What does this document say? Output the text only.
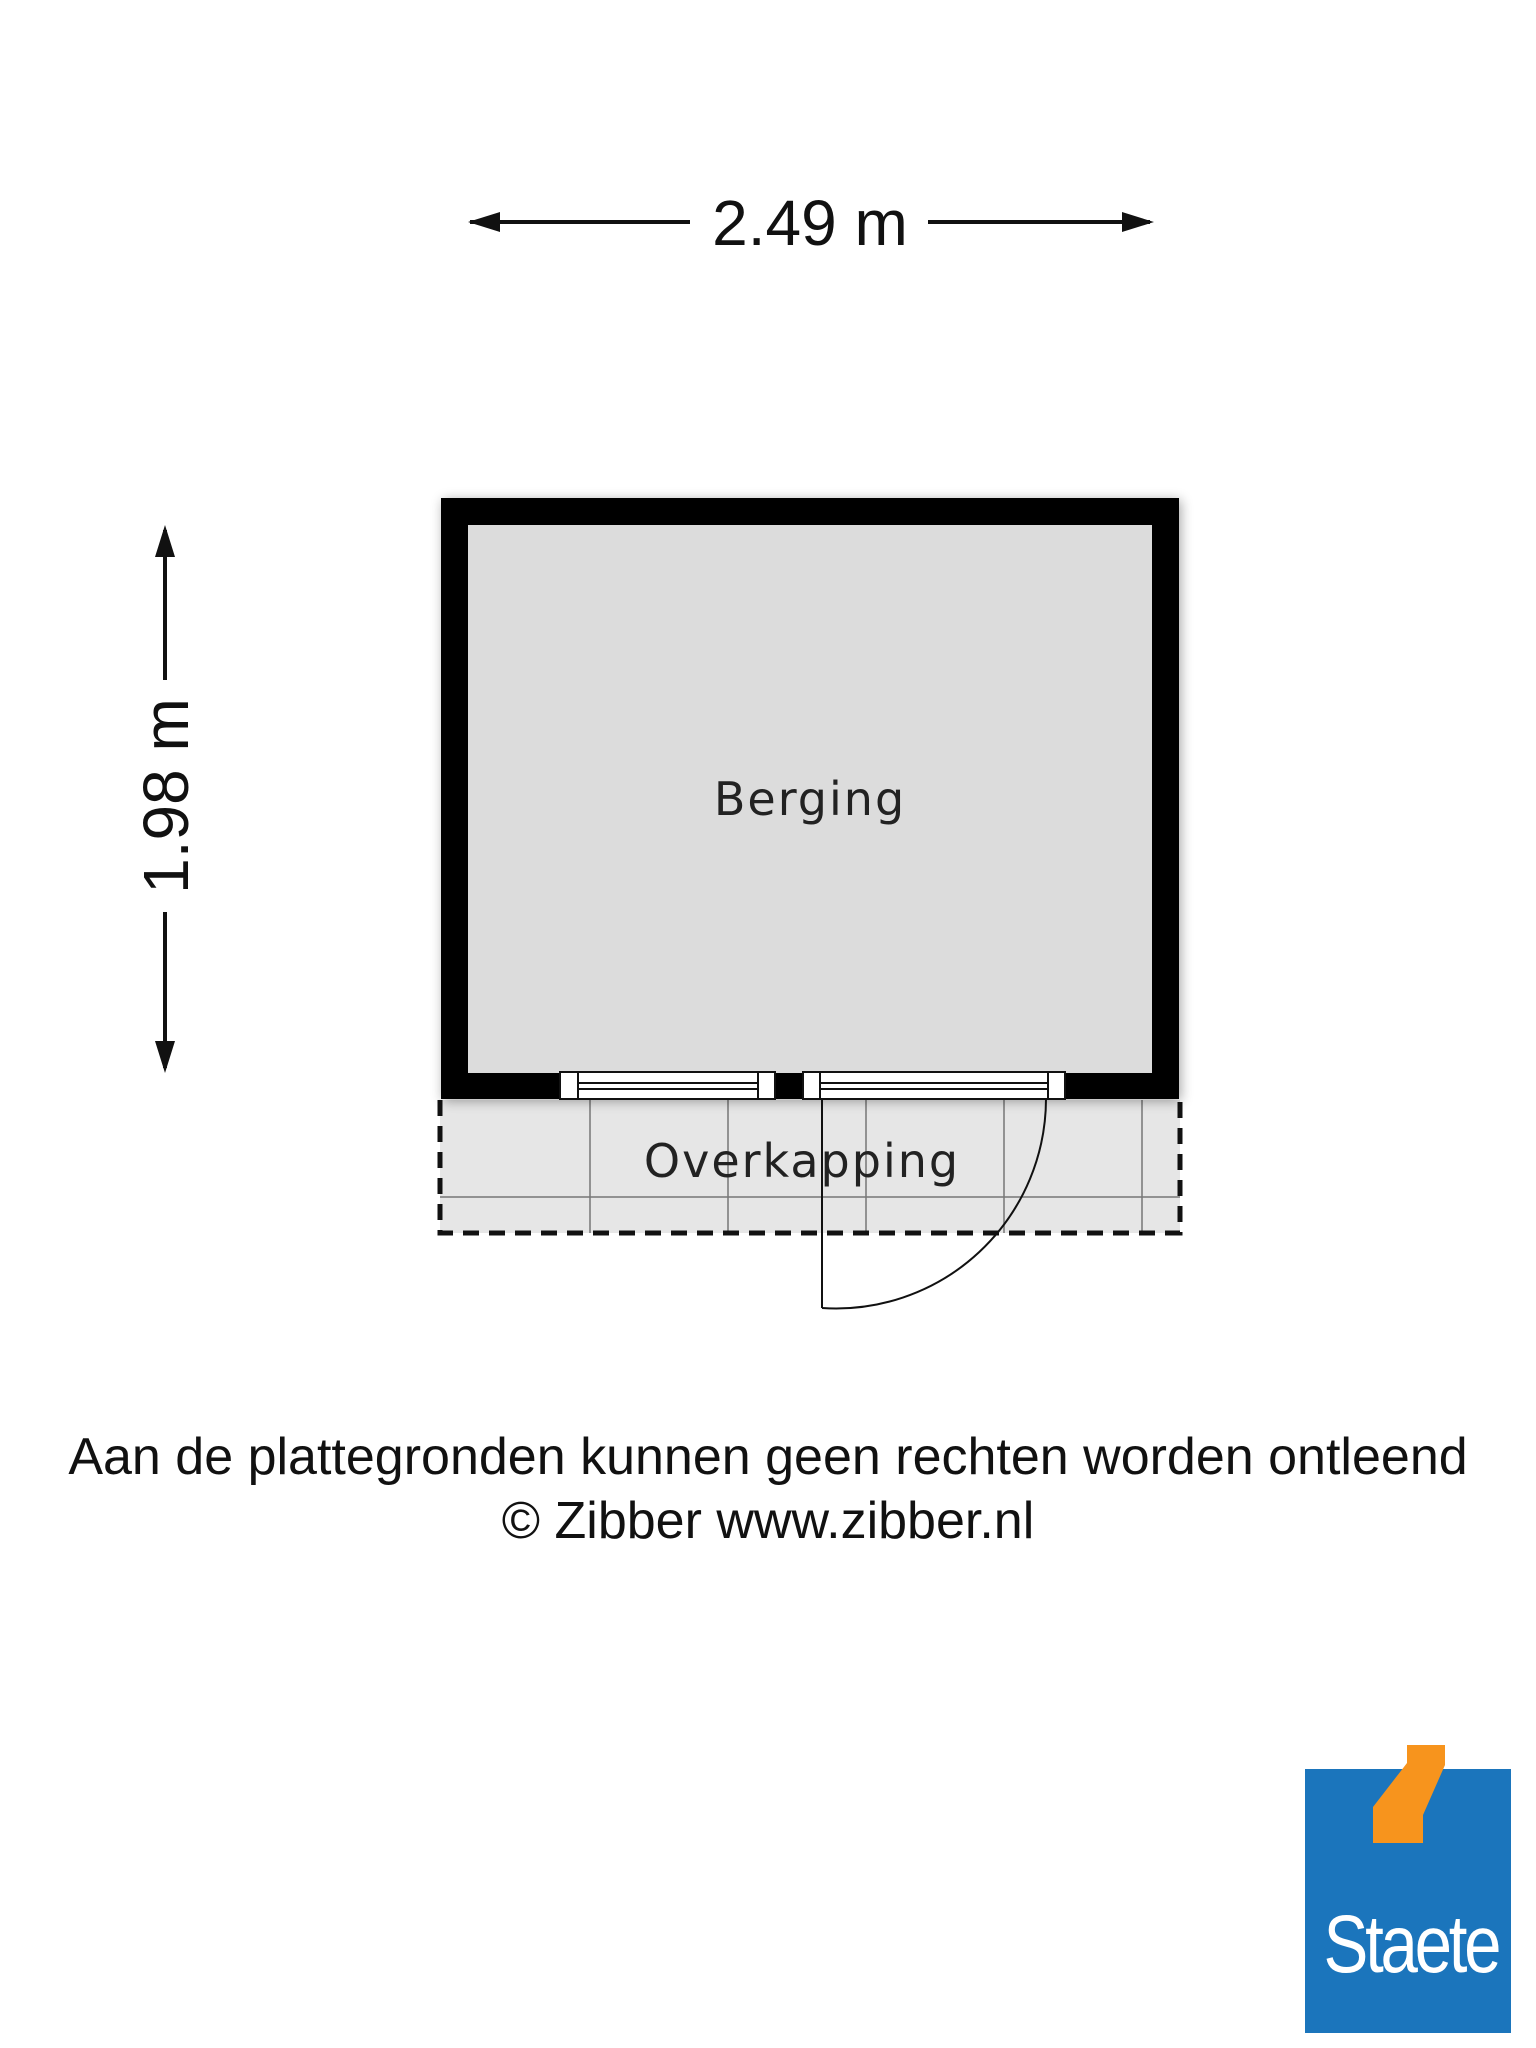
2.49 m
1.98 m	Berging
Overkapping
Aan de plattegronden kunnen geen rechten worden ontleend
© Zibber www.zibber.nl
Staete
